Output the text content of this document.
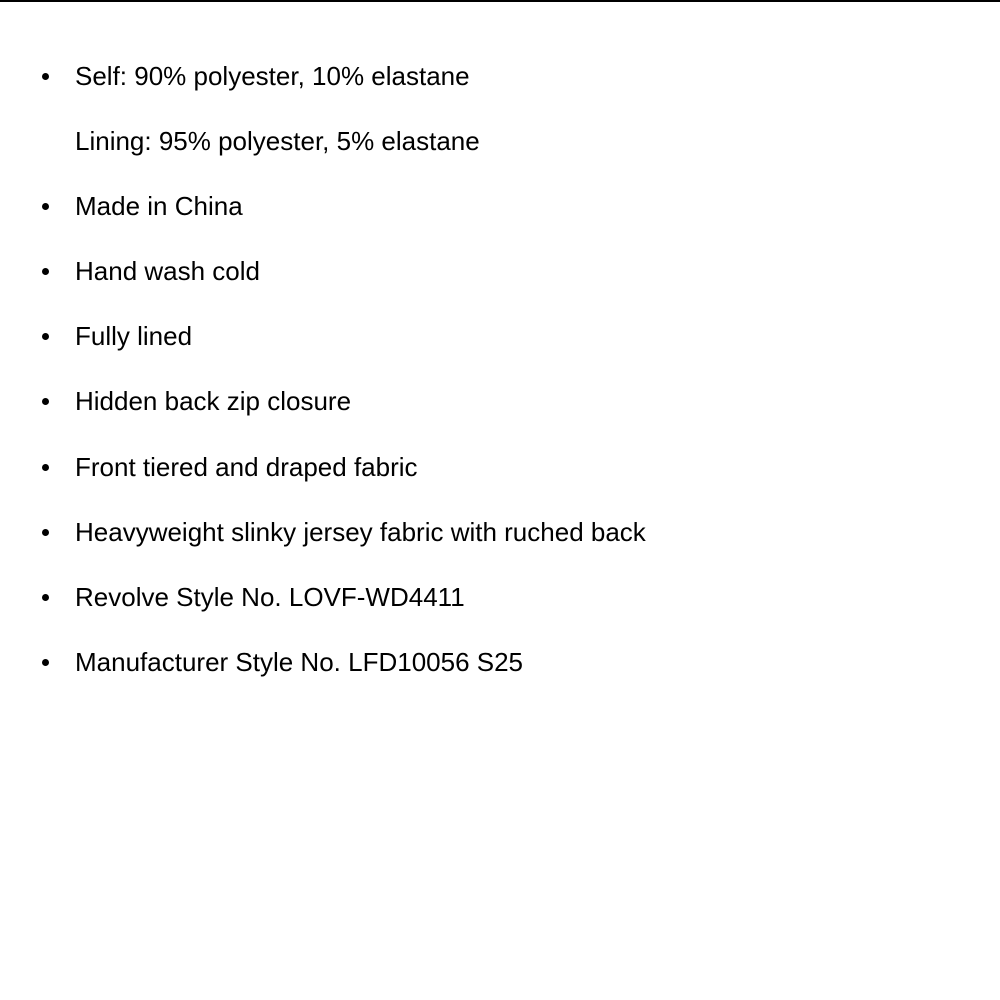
Self: 90% polyester, 10% elastane
Lining: 95% polyester, 5% elastane
Made in China
Hand wash cold
Fully lined
Hidden back zip closure
Front tiered and draped fabric
Heavyweight slinky jersey fabric with ruched back
Revolve Style No. LOVF-WD4411
Manufacturer Style No. LFD10056 S25
